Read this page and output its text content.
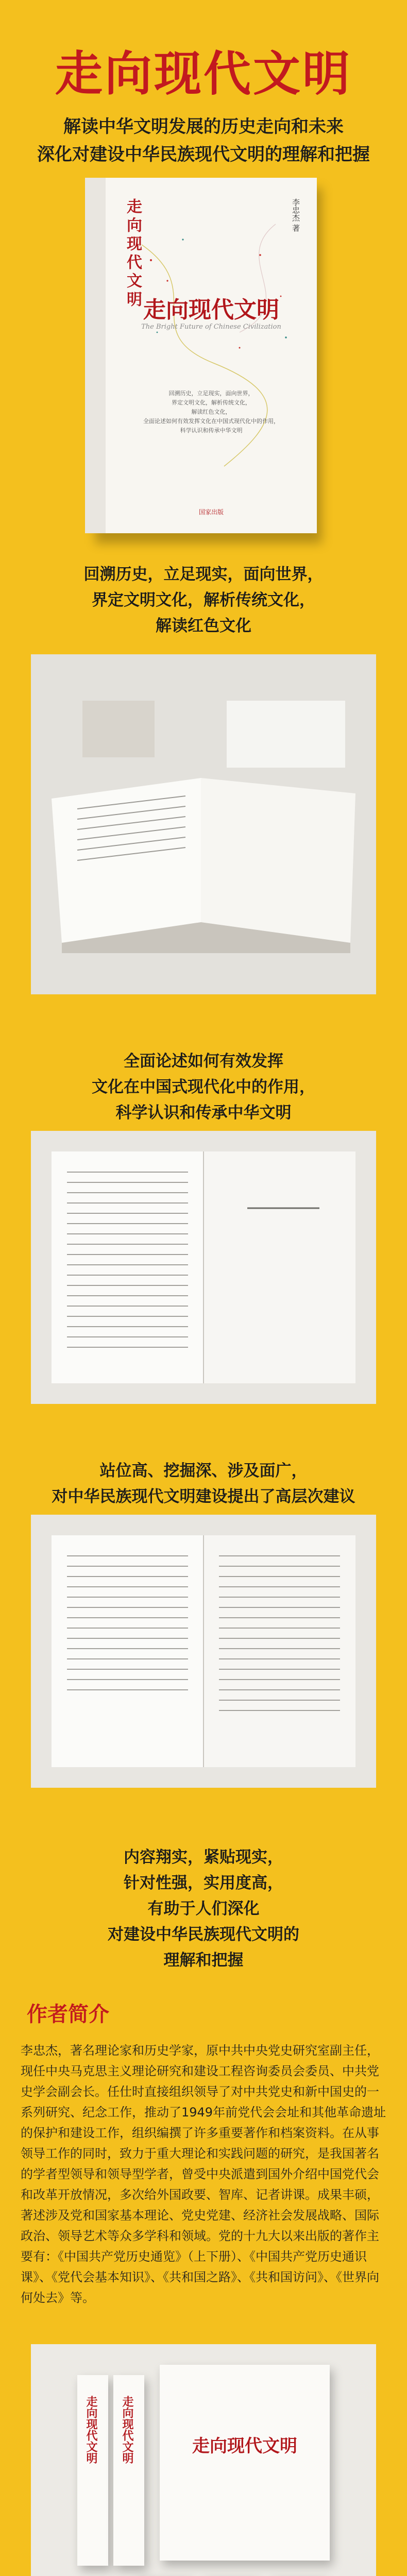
走向现代文明
解读中华文明发展的历史走向和未来
深化对建设中华民族现代文明的理解和把握
走向现代文明	李忠杰 著
走向现代文明
The Bright Future of Chinese Civilization
回溯历史，立足现实，面向世界，
界定文明文化，解析传统文化，
解读红色文化，
全面论述如何有效发挥文化在中国式现代化中的作用，
科学认识和传承中华文明
国家出版
回溯历史，立足现实，面向世界，
界定文明文化，解析传统文化，
解读红色文化
全面论述如何有效发挥
文化在中国式现代化中的作用，
科学认识和传承中华文明
站位高、挖掘深、涉及面广，
对中华民族现代文明建设提出了高层次建议
内容翔实，紧贴现实，
针对性强，实用度高，
有助于人们深化
对建设中华民族现代文明的
理解和把握
作者简介
李忠杰，著名理论家和历史学家，原中共中央党史研究室副主任，现任中央马克思主义理论研究和建设工程咨询委员会委员、中共党史学会副会长。任仕时直接组织领导了对中共党史和新中国史的一系列研究、纪念工作，推动了1949年前党代会会址和其他革命遗址的保护和建设工作，组织编撰了许多重要著作和档案资料。在从事领导工作的同时，致力于重大理论和实践问题的研究，是我国著名的学者型领导和领导型学者，曾受中央派遣到国外介绍中国党代会和改革开放情况，多次给外国政要、智库、记者讲课。成果丰硕，著述涉及党和国家基本理论、党史党建、经济社会发展战略、国际政治、领导艺术等众多学科和领域。党的十九大以来出版的著作主要有：《中国共产党历史通览》（上下册）、《中国共产党历史通识课》、《党代会基本知识》、《共和国之路》、《共和国访问》、《世界向何处去》等。
走向现代文明
走向现代文明 走向现代文明
